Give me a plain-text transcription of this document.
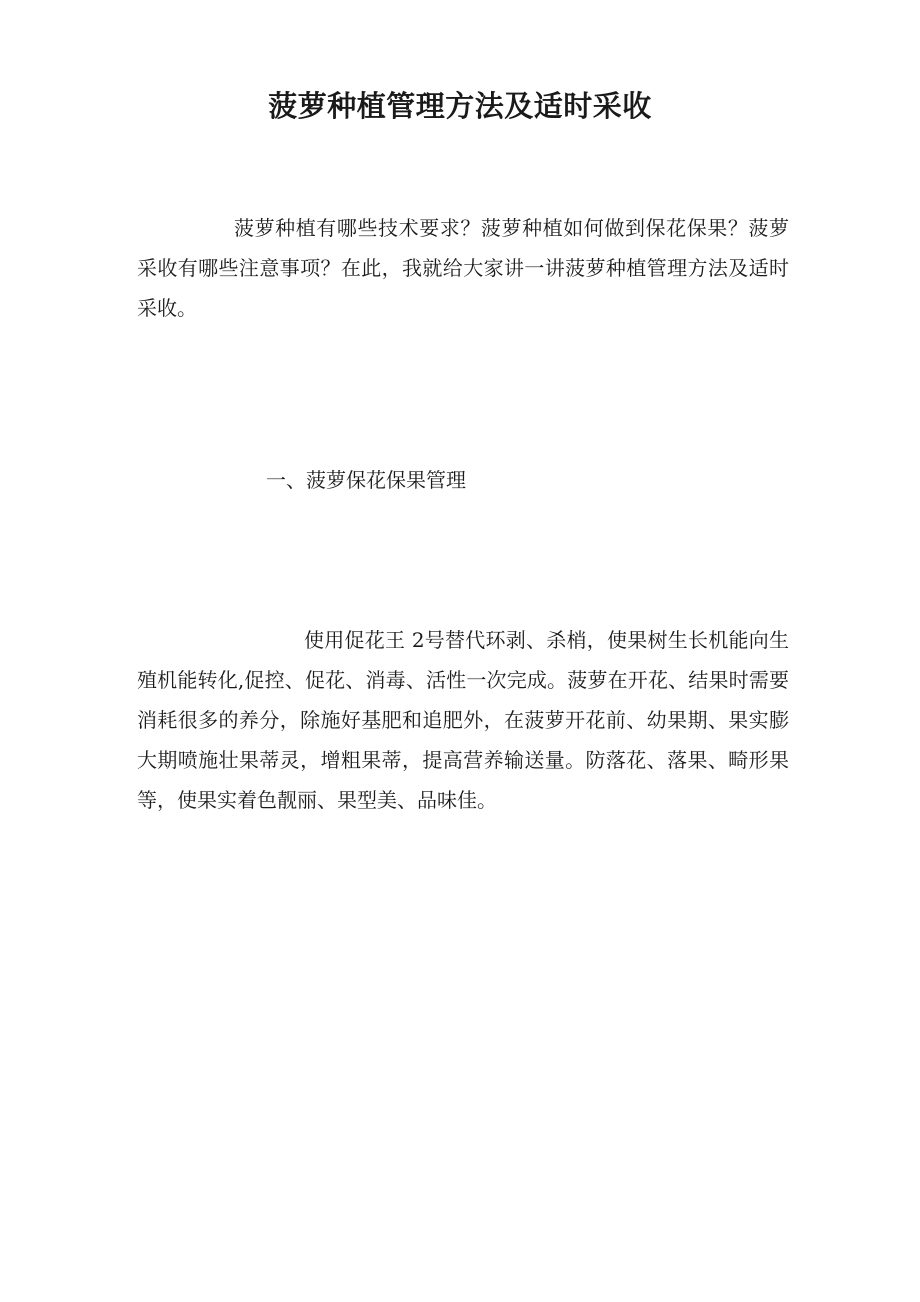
菠萝种植管理方法及适时采收

菠萝种植有哪些技术要求？菠萝种植如何做到保花保果？菠萝采收有哪些注意事项？在此，我就给大家讲一讲菠萝种植管理方法及适时采收。

一、菠萝保花保果管理

使用促花王 2号替代环剥、杀梢，使果树生长机能向生殖机能转化,促控、促花、消毒、活性一次完成。菠萝在开花、结果时需要消耗很多的养分，除施好基肥和追肥外，在菠萝开花前、幼果期、果实膨大期喷施壮果蒂灵，增粗果蒂，提高营养输送量。防落花、落果、畸形果等，使果实着色靓丽、果型美、品味佳。
